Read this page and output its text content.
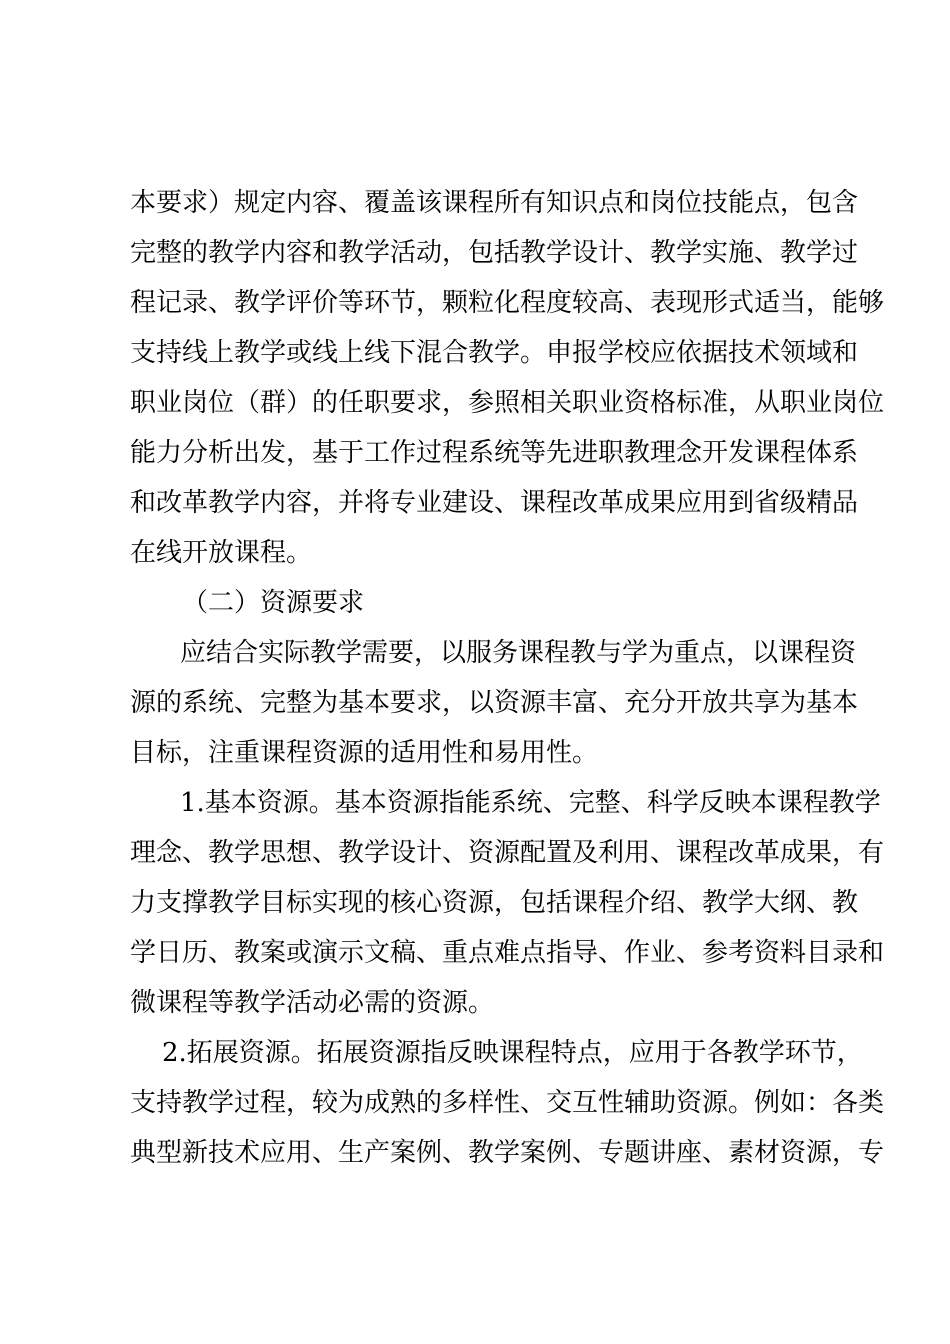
本要求）规定内容、覆盖该课程所有知识点和岗位技能点，包含
完整的教学内容和教学活动，包括教学设计、教学实施、教学过
程记录、教学评价等环节，颗粒化程度较高、表现形式适当，能够
支持线上教学或线上线下混合教学。申报学校应依据技术领域和
职业岗位（群）的任职要求，参照相关职业资格标准，从职业岗位
能力分析出发，基于工作过程系统等先进职教理念开发课程体系
和改革教学内容，并将专业建设、课程改革成果应用到省级精品
在线开放课程。
（二）资源要求
应结合实际教学需要，以服务课程教与学为重点，以课程资
源的系统、完整为基本要求，以资源丰富、充分开放共享为基本
目标，注重课程资源的适用性和易用性。
1.基本资源。基本资源指能系统、完整、科学反映本课程教学
理念、教学思想、教学设计、资源配置及利用、课程改革成果，有
力支撑教学目标实现的核心资源，包括课程介绍、教学大纲、教
学日历、教案或演示文稿、重点难点指导、作业、参考资料目录和
微课程等教学活动必需的资源。
2.拓展资源。拓展资源指反映课程特点，应用于各教学环节，
支持教学过程，较为成熟的多样性、交互性辅助资源。例如：各类
典型新技术应用、生产案例、教学案例、专题讲座、素材资源，专
